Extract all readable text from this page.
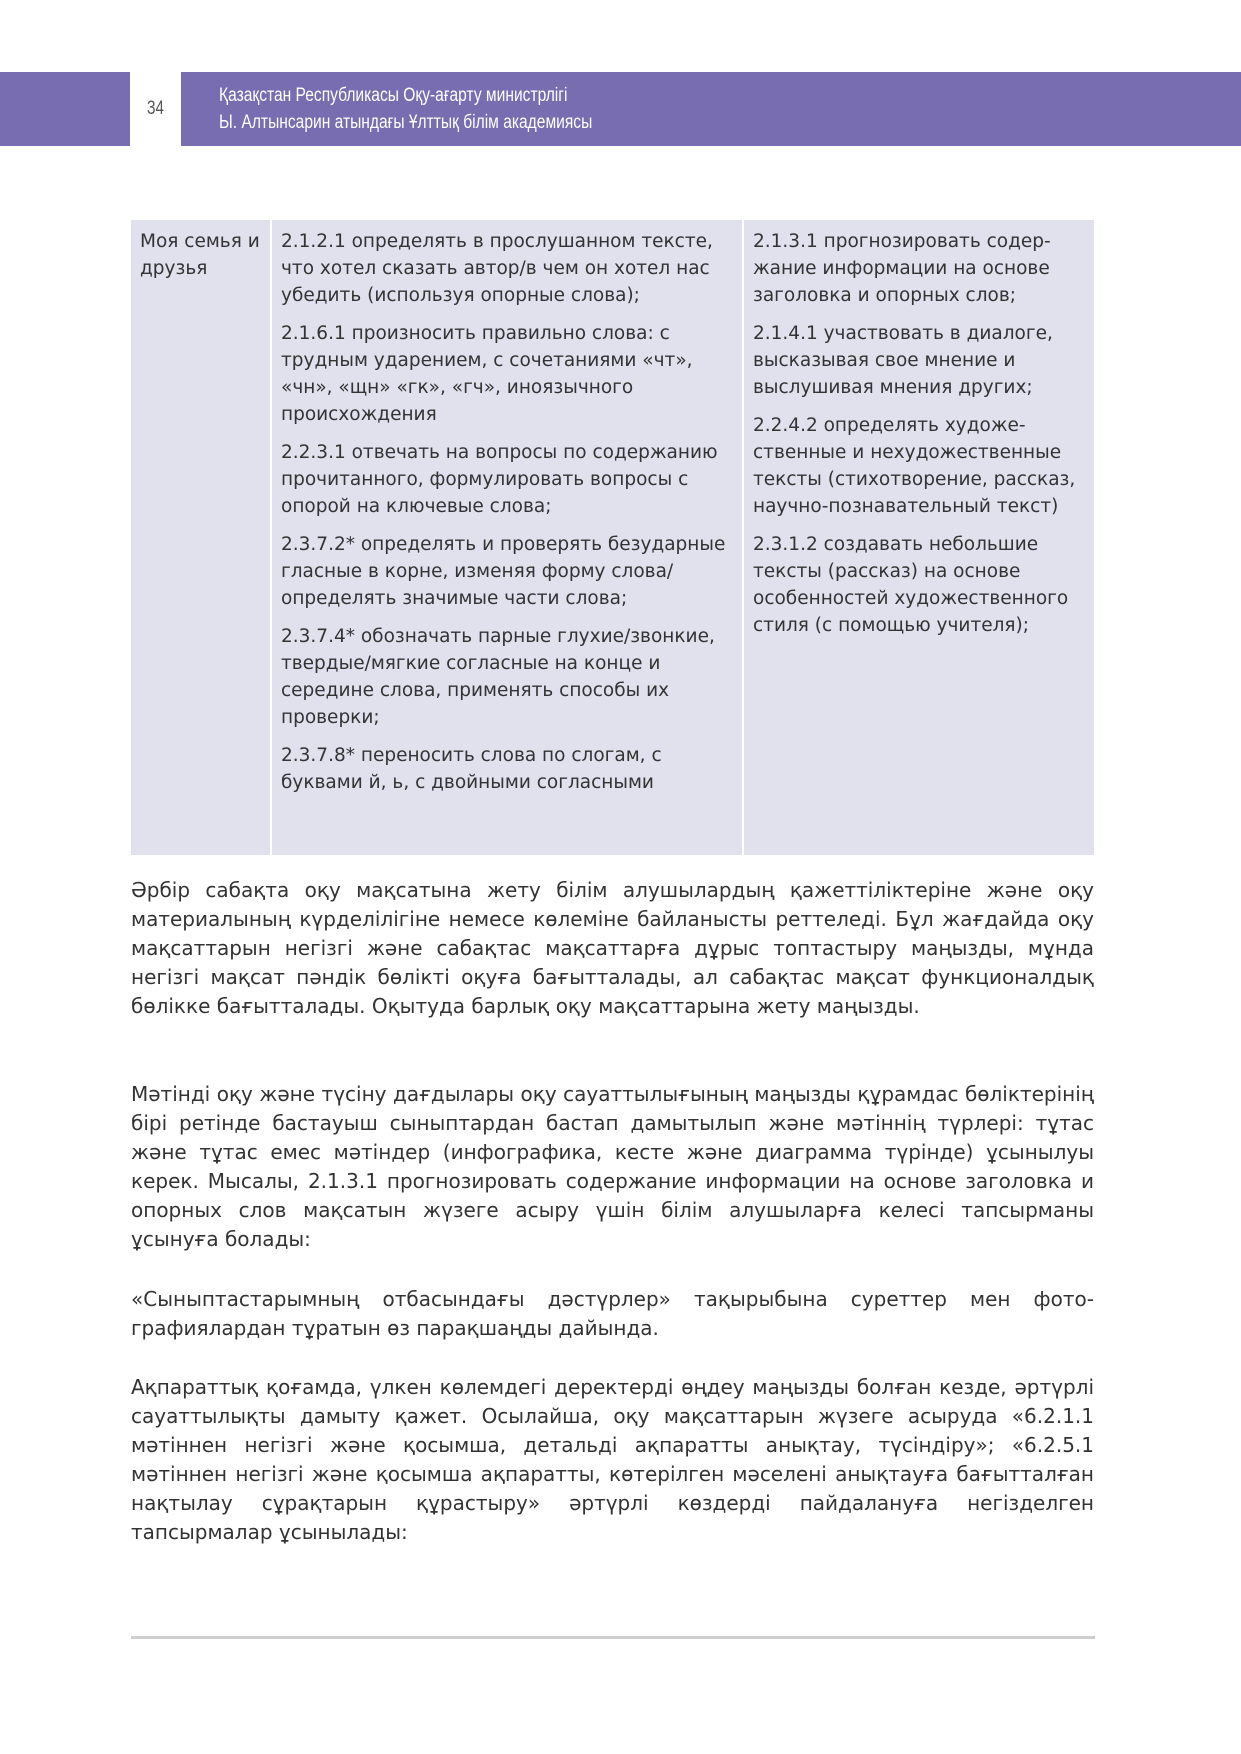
34
Қазақстан Республикасы Оқу-ағарту министрлігі
Ы. Алтынсарин атындағы Ұлттық білім академиясы
Моя семья и друзья

2.1.2.1 определять в прослушанном тексте, что хотел сказать автор/в чем он хотел нас убедить (используя опорные слова);

2.1.6.1 произносить правильно слова: с трудным ударением, с сочетаниями «чт», «чн», «щн» «гк», «гч», иноязычного происхождения

2.2.3.1 отвечать на вопросы по содержанию прочитанного, формулировать вопросы с опорой на ключевые слова;

2.3.7.2* определять и проверять безударные гласные в корне, изменяя форму слова/определять значимые части слова;

2.3.7.4* обозначать парные глухие/звонкие, твердые/мягкие согласные на конце и середине слова, применять способы их проверки;

2.3.7.8* переносить слова по слогам, с буквами й, ь, с двойными согласными

2.1.3.1 прогнозировать содержание информации на основе заголовка и опорных слов;

2.1.4.1 участвовать в диалоге, высказывая свое мнение и выслушивая мнения других;

2.2.4.2 определять художественные и нехудожественные тексты (стихотворение, рассказ, научно-познавательный текст)

2.3.1.2 создавать небольшие тексты (рассказ) на основе особенностей художественного стиля (с помощью учителя);

Әрбір сабақта оқу мақсатына жету білім алушылардың қажеттіліктеріне және оқу материалының күрделілігіне немесе көлеміне байланысты реттеледі. Бұл жағдайда оқу мақсаттарын негізгі және сабақтас мақсаттарға дұрыс топтастыру маңызды, мұнда негізгі мақсат пәндік бөлікті оқуға бағытталады, ал сабақтас мақсат функционалдық бөлікке бағытталады. Оқытуда барлық оқу мақсаттарына жету маңызды.

Мәтінді оқу және түсіну дағдылары оқу сауаттылығының маңызды құрамдас бөліктерінің бірі ретінде бастауыш сыныптардан бастап дамытылып және мәтіннің түрлері: тұтас және тұтас емес мәтіндер (инфографика, кесте және диаграмма түрінде) ұсынылуы керек. Мысалы, 2.1.3.1 прогнозировать содержание информации на основе заголовка и опорных слов мақсатын жүзеге асыру үшін білім алушыларға келесі тапсырманы ұсынуға болады:

«Сыныптастарымның отбасындағы дәстүрлер» тақырыбына суреттер мен фотографиялардан тұратын өз парақшаңды дайында.

Ақпараттық қоғамда, үлкен көлемдегі деректерді өңдеу маңызды болған кезде, әртүрлі сауаттылықты дамыту қажет. Осылайша, оқу мақсаттарын жүзеге асыруда «6.2.1.1 мәтіннен негізгі және қосымша, детальді ақпаратты анықтау, түсіндіру»; «6.2.5.1 мәтіннен негізгі және қосымша ақпаратты, көтерілген мәселені анықтауға бағытталған нақтылау сұрақтарын құрастыру» әртүрлі көздерді пайдалануға негізделген тапсырмалар ұсынылады:
